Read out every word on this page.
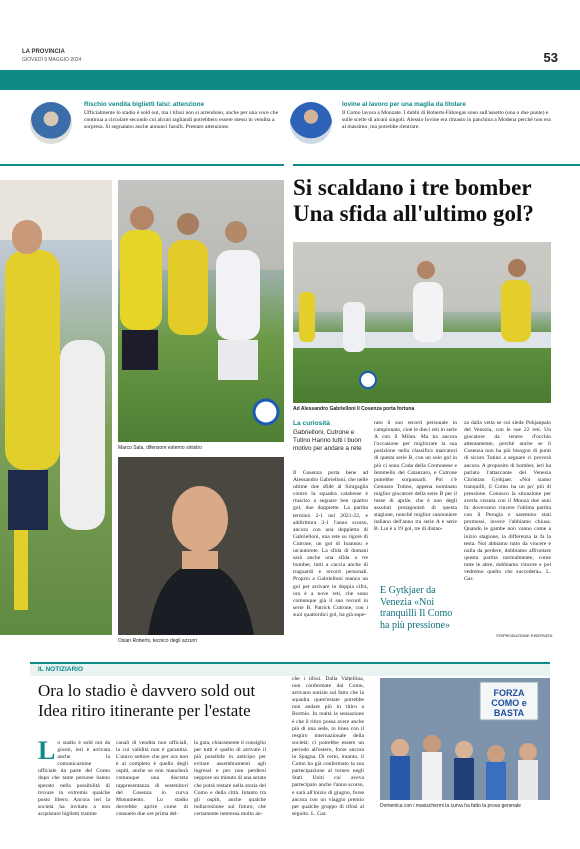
LA PROVINCIA
GIOVEDÌ 9 MAGGIO 2024	53
Rischio vendita biglietti falsi: attenzione
Ufficialmente lo stadio è sold out, ma i tifosi non si arrendono, anche per una voce che continua a circolare secondo cui alcuni tagliandi potrebbero essere messi in vendita a sorpresa. Si segnalano anche annunci fasulli. Prestare attenzione.
Iovine al lavoro per una maglia da titolare
Il Como lavora a Monzate. I dubbi di Roberts-Fàbregas sono sull'assetto (una o due punte) e sulle scelte di alcuni singoli. Alessio Iovine era rimasto in panchina a Modena perché non era al massimo, ma potrebbe rientrare.
Marco Sala, difensore esterno sinistro
Osian Roberts, tecnico degli azzurri
Si scaldano i tre bomber
Una sfida all'ultimo gol?
Ad Alessandro Gabrielloni il Cosenza porta fortuna
La curiosità
Gabrielloni, Cutrone e Tutino Hanno tutti i buon motivo per andare a rete
Il Cosenza porta bene ad Alessandro Gabrielloni, che nelle ultime due sfide al Sinigaglia contro la squadra calabrese è riuscito a segnare ben quattro gol, due doppiette. La partita terminò 2-1 nel 2021-22, e addirittura 3-1 l'anno scorso, ancora con una doppietta di Gabrielloni, una rete su rigore di Cutrone, un gol di Ioannou e un'autorete. La sfida di domani sarà anche una sfida a tre bomber, tutti a caccia anche di traguardi e record personali. Proprio a Gabrielloni manca un gol per arrivare in doppia cifra, ora è a nove reti, che sono comunque già il suo record in serie B. Patrick Cutrone, con i suoi quattordici gol, ha già supe-
rato il suo record personale in campionato, cioè le dieci reti in serie A con il Milan. Ma ha ancora l'occasione per migliorare la sua posizione nella classifica marcatori di questa serie B, con un solo gol in più ci sono Coda della Cremonese e Iemmello del Catanzaro, e Cutrone potrebbe sorpassarli. Poi c'è Gennaro Tutino, appena nominato miglior giocatore della serie B per il mese di aprile, che è uno degli assoluti protagonisti di questa stagione, nonché miglior cannoniere italiano dell'anno tra serie A e serie B. Lui è a 19 gol, tre di distan-
E Gytkjaer da Venezia «Noi tranquilli Il Como ha più pressione»
za dalla vetta se cui siede Pohjanpalo del Venezia, con le sue 22 reti. Un giocatore da tenere d'occhio attentamente, perché anche se il Cosenza non ha più bisogno di punti di sicuro Tutino a segnare ci proverà ancora. A proposito di bomber, ieri ha parlato l'attaccante del Venezia Christian Gytkjaer. «Noi siamo tranquilli, il Como ha un po' più di pressione. Conosco la situazione per averla vissuta con il Monza due anni fa: dovevamo vincere l'ultima partita con il Perugia e saremmo stati promossi, invece l'abbiamo chiusa. Quando le gambe non vanno come a inizio stagione, la differenza la fa la testa. Noi abbiamo tutto da vincere e nulla da perdere, dobbiamo affrontare questa partita normalmente, come tutte le altre, dobbiamo vincere e poi vedremo quello che succederà». L. Gar.
©RIPRODUZIONE RISERVATA
IL NOTIZIARIO
Ora lo stadio è davvero sold out
Idea ritiro itinerante per l'estate
Lo stadio è sold out da giorni, ieri è arrivata anche la comunicazione ufficiale da parte del Como dopo che tante persone hanno sperato nella possibilità di trovare in extremis qualche posto libero. Ancora ieri la società ha invitato a non acquistare biglietti tramite
canali di vendita non ufficiali, la cui validità non è garantita. L'unico settore che per ora non è al completo è quello degli ospiti, anche se non mancherà comunque una discreta rappresentanza di sostenitori del Cosenza in curva Monumento. Lo stadio dovrebbe aprire come di consueto due ore prima del-
la gara, chiaramente il consiglio per tutti è quello di arrivare il più possibile in anticipo per evitare assembramenti agli ingressi e per non perdersi neppure un minuto di una serata che potrà restare nella storia del Como e della città. Intanto tra gli ospiti, anche qualche indiscrezione sul futuro, che certamente interessa molto an-
che i tifosi. Dalla Valtellina, non confermate dal Como, arrivano notizie sul fatto che la squadra quest'estate potrebbe non andare più in ritiro a Bormio. In realtà la sensazione è che il ritiro possa avere anche più di una sede, in linea con il respiro internazionale della società: ci potrebbe essere un periodo all'estero, forse ancora in Spagna. Di certo, intanto, il Como ha già confermato la sua partecipazione al torneo negli Stati Uniti cui aveva partecipato anche l'anno scorso, e sarà all'inizio di giugno, forse ancora con un viaggio premio per qualche gruppo di tifosi al seguito. L. Gar.
FORZA
COMO e
BASTA
Domenica con i maxischermi la curva ha fatto la prova generale
